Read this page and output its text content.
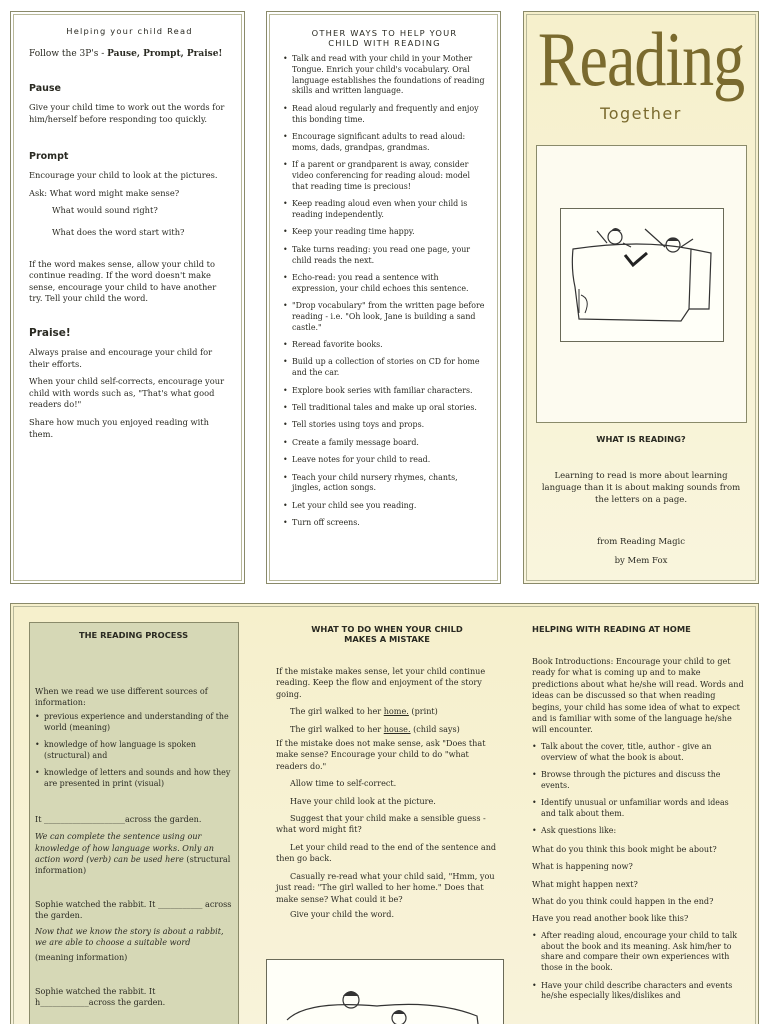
Helping your child Read
Follow the 3P's - Pause, Prompt, Praise!
Pause
Give your child time to work out the words for him/herself before responding too quickly.
Prompt
Encourage your child to look at the pictures.
Ask: What word might make sense?
What would sound right?
What does the word start with?
If the word makes sense, allow your child to continue reading. If the word doesn't make sense, encourage your child to have another try. Tell your child the word.
Praise!
Always praise and encourage your child for their efforts.
When your child self-corrects, encourage your child with words such as, "That's what good readers do!"
Share how much you enjoyed reading with them.
OTHER WAYS TO HELP YOUR
CHILD WITH READING
• Talk and read with your child in your Mother Tongue. Enrich your child's vocabulary. Oral language establishes the foundations of reading skills and written language.
• Read aloud regularly and frequently and enjoy this bonding time.
• Encourage significant adults to read aloud: moms, dads, grandpas, grandmas.
• If a parent or grandparent is away, consider video conferencing for reading aloud: model that reading time is precious!
• Keep reading aloud even when your child is reading independently.
• Keep your reading time happy.
• Take turns reading: you read one page, your child reads the next.
• Echo-read: you read a sentence with expression, your child echoes this sentence.
• "Drop vocabulary" from the written page before reading - i.e. "Oh look, Jane is building a sand castle."
• Reread favorite books.
• Build up a collection of stories on CD for home and the car.
• Explore book series with familiar characters.
• Tell traditional tales and make up oral stories.
• Tell stories using toys and props.
• Create a family message board.
• Leave notes for your child to read.
• Teach your child nursery rhymes, chants, jingles, action songs.
• Let your child see you reading.
• Turn off screens.
Reading
Together
WHAT IS READING?
Learning to read is more about learning language than it is about making sounds from the letters on a page.
from Reading Magic
by Mem Fox
THE READING PROCESS
When we read we use different sources of information:
• previous experience and understanding of the world (meaning)
• knowledge of how language is spoken (structural) and
• knowledge of letters and sounds and how they are presented in print (visual)
It ____________________across the garden.
We can complete the sentence using our knowledge of how language works. Only an action word (verb) can be used here (structural information)
Sophie watched the rabbit. It ___________ across the garden.
Now that we know the story is about a rabbit, we are able to choose a suitable word
(meaning information)
Sophie watched the rabbit. It
h____________across the garden.
WHAT TO DO WHEN YOUR CHILD
MAKES A MISTAKE
If the mistake makes sense, let your child continue reading. Keep the flow and enjoyment of the story going.
The girl walked to her home. (print)
The girl walked to her house. (child says)
If the mistake does not make sense, ask "Does that make sense? Encourage your child to do "what readers do."
Allow time to self-correct.
Have your child look at the picture.
Suggest that your child make a sensible guess - what word might fit?
Let your child read to the end of the sentence and then go back.
Casually re-read what your child said, "Hmm, you just read: "The girl walled to her home." Does that make sense? What could it be?
Give your child the word.
HELPING WITH READING AT HOME
Book Introductions: Encourage your child to get ready for what is coming up and to make predictions about what he/she will read. Words and ideas can be discussed so that when reading begins, your child has some idea of what to expect and is familiar with some of the language he/she will encounter.
• Talk about the cover, title, author - give an overview of what the book is about.
• Browse through the pictures and discuss the events.
• Identify unusual or unfamiliar words and ideas and talk about them.
• Ask questions like:
What do you think this book might be about?
What is happening now?
What might happen next?
What do you think could happen in the end?
Have you read another book like this?
• After reading aloud, encourage your child to talk about the book and its meaning. Ask him/her to share and compare their own experiences with those in the book.
• Have your child describe characters and events he/she especially likes/dislikes and
